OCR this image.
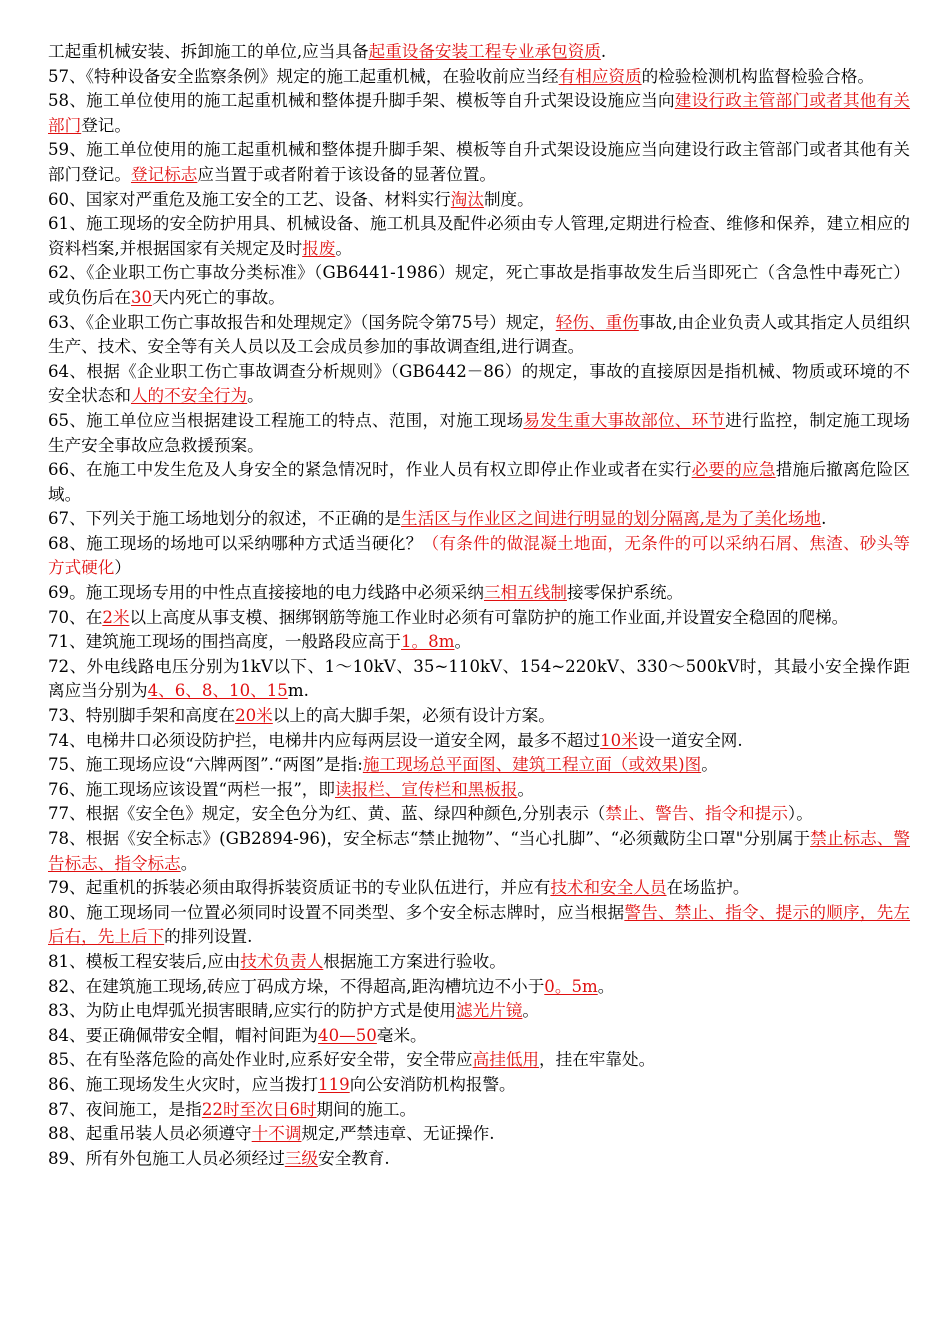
工起重机械安装、拆卸施工的单位,应当具备起重设备安装工程专业承包资质.

57、《特种设备安全监察条例》规定的施工起重机械，在验收前应当经有相应资质的检验检测机构监督检验合格。

58、施工单位使用的施工起重机械和整体提升脚手架、模板等自升式架设设施应当向建设行政主管部门或者其他有关部门登记。

59、施工单位使用的施工起重机械和整体提升脚手架、模板等自升式架设设施应当向建设行政主管部门或者其他有关部门登记。登记标志应当置于或者附着于该设备的显著位置。

60、国家对严重危及施工安全的工艺、设备、材料实行淘汰制度。

61、施工现场的安全防护用具、机械设备、施工机具及配件必须由专人管理,定期进行检查、维修和保养，建立相应的资料档案,并根据国家有关规定及时报废。

62、《企业职工伤亡事故分类标准》（GB6441-1986）规定，死亡事故是指事故发生后当即死亡（含急性中毒死亡）或负伤后在30天内死亡的事故。

63、《企业职工伤亡事故报告和处理规定》（国务院令第75号）规定，轻伤、重伤事故,由企业负责人或其指定人员组织生产、技术、安全等有关人员以及工会成员参加的事故调查组,进行调查。

64、根据《企业职工伤亡事故调查分析规则》（GB6442－86）的规定，事故的直接原因是指机械、物质或环境的不安全状态和人的不安全行为。

65、施工单位应当根据建设工程施工的特点、范围，对施工现场易发生重大事故部位、环节进行监控，制定施工现场生产安全事故应急救援预案。

66、在施工中发生危及人身安全的紧急情况时，作业人员有权立即停止作业或者在实行必要的应急措施后撤离危险区域。

67、下列关于施工场地划分的叙述，不正确的是生活区与作业区之间进行明显的划分隔离,是为了美化场地.

68、施工现场的场地可以采纳哪种方式适当硬化？（有条件的做混凝土地面，无条件的可以采纳石屑、焦渣、砂头等方式硬化）

69。施工现场专用的中性点直接接地的电力线路中必须采纳三相五线制接零保护系统。

70、在2米以上高度从事支模、捆绑钢筋等施工作业时必须有可靠防护的施工作业面,并设置安全稳固的爬梯。

71、建筑施工现场的围挡高度，一般路段应高于1。8m。

72、外电线路电压分别为1kV以下、1～10kV、35~110kV、154~220kV、330～500kV时，其最小安全操作距离应当分别为4、6、8、10、15m.

73、特别脚手架和高度在20米以上的高大脚手架，必须有设计方案。

74、电梯井口必须设防护拦，电梯井内应每两层设一道安全网，最多不超过10米设一道安全网.

75、施工现场应设“六牌两图”.“两图”是指:施工现场总平面图、建筑工程立面（或效果)图。

76、施工现场应该设置“两栏一报”，即读报栏、宣传栏和黑板报。

77、根据《安全色》规定，安全色分为红、黄、蓝、绿四种颜色,分别表示（禁止、警告、指令和提示）。

78、根据《安全标志》(GB2894-96)，安全标志“禁止抛物”、“当心扎脚”、“必须戴防尘口罩"分别属于禁止标志、警告标志、指令标志。

79、起重机的拆装必须由取得拆装资质证书的专业队伍进行，并应有技术和安全人员在场监护。

80、施工现场同一位置必须同时设置不同类型、多个安全标志牌时，应当根据警告、禁止、指令、提示的顺序，先左后右，先上后下的排列设置.

81、模板工程安装后,应由技术负责人根据施工方案进行验收。

82、在建筑施工现场,砖应丁码成方垛，不得超高,距沟槽坑边不小于0。5m。

83、为防止电焊弧光损害眼睛,应实行的防护方式是使用滤光片镜。

84、要正确佩带安全帽，帽衬间距为40—50毫米。

85、在有坠落危险的高处作业时,应系好安全带，安全带应高挂低用，挂在牢靠处。

86、施工现场发生火灾时，应当拨打119向公安消防机构报警。

87、夜间施工，是指22时至次日6时期间的施工。

88、起重吊装人员必须遵守十不调规定,严禁违章、无证操作.

89、所有外包施工人员必须经过三级安全教育.
